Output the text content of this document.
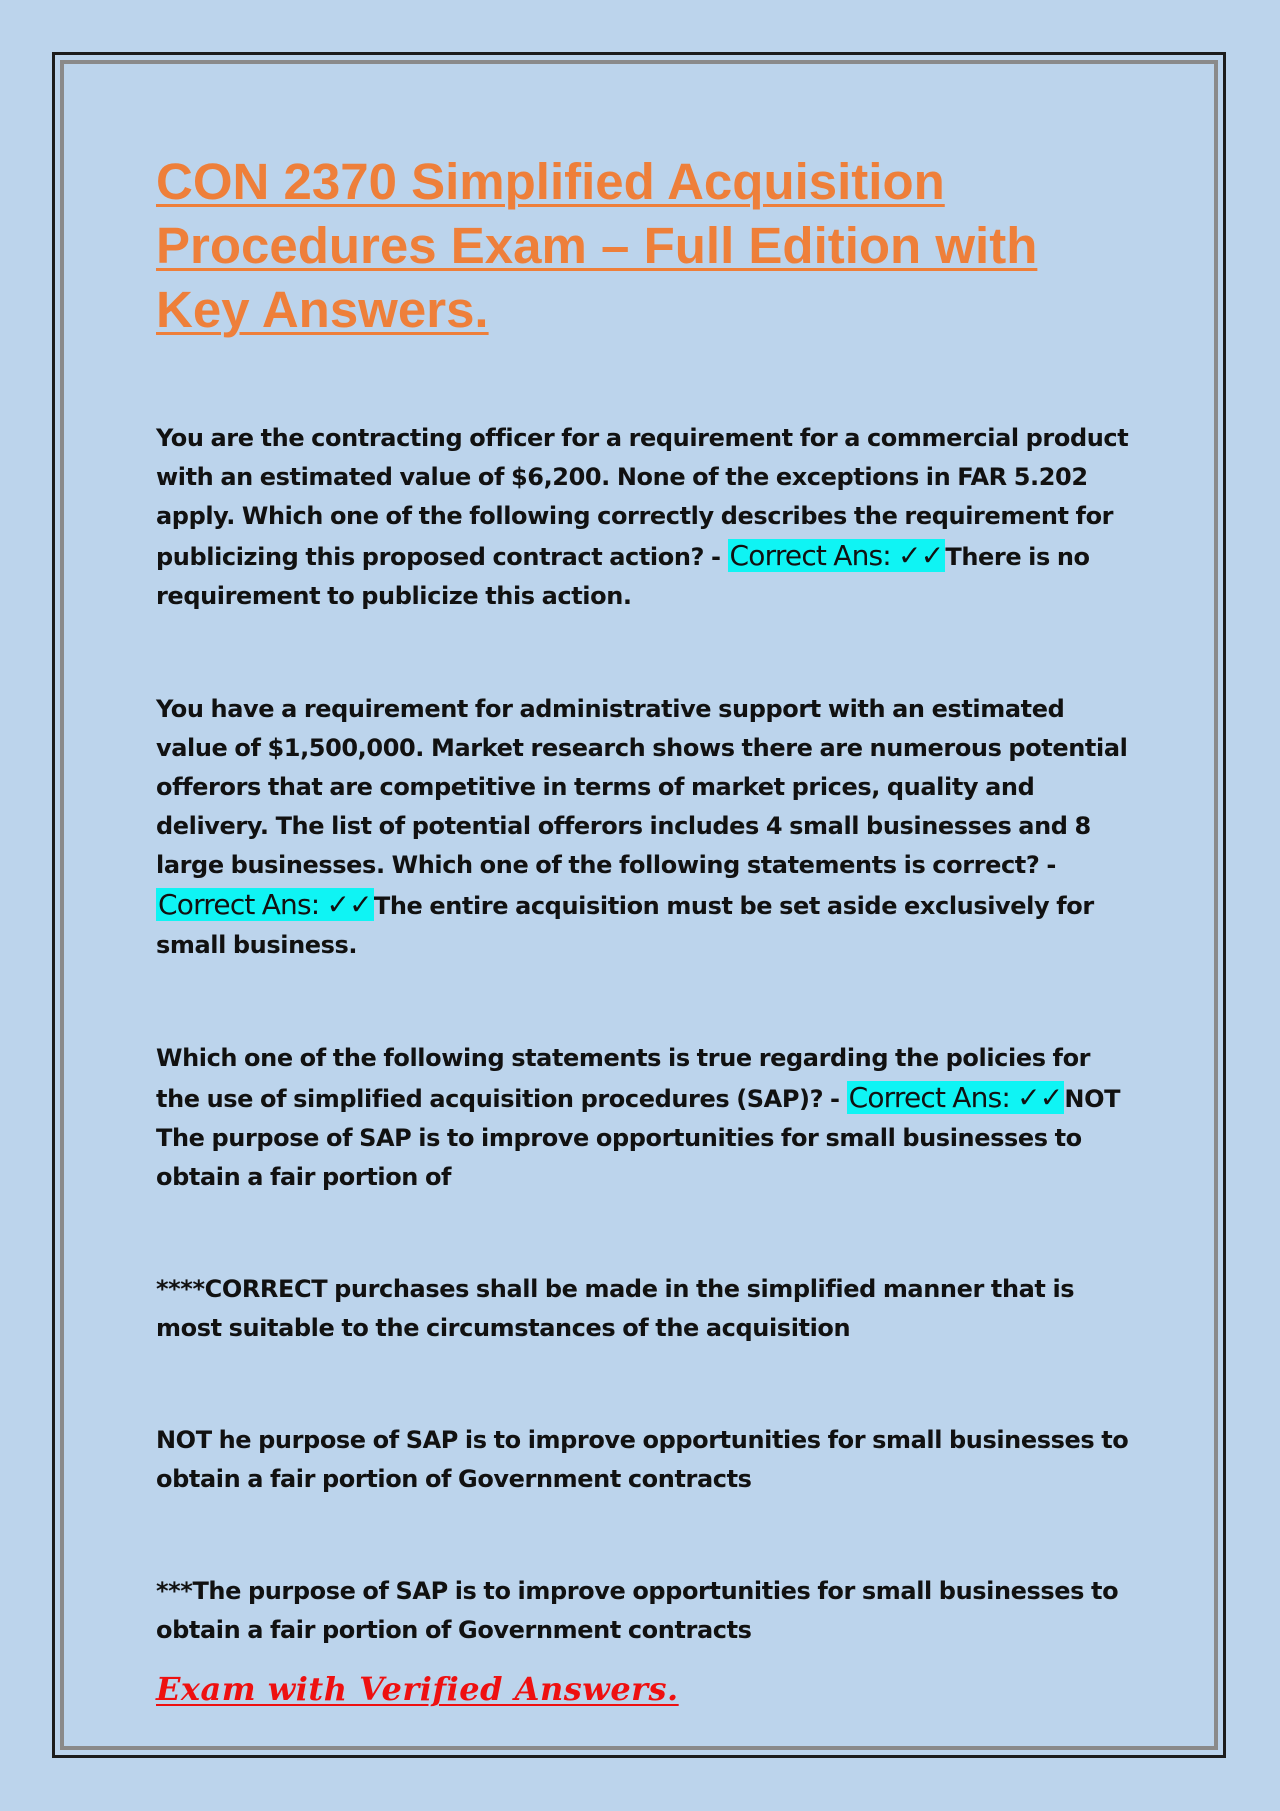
CON 2370 Simplified Acquisition Procedures Exam – Full Edition with Key Answers.

You are the contracting officer for a requirement for a commercial product with an estimated value of $6,200. None of the exceptions in FAR 5.202 apply. Which one of the following correctly describes the requirement for publicizing this proposed contract action? - Correct Ans: ✓✓There is no requirement to publicize this action.

You have a requirement for administrative support with an estimated value of $1,500,000. Market research shows there are numerous potential offerors that are competitive in terms of market prices, quality and delivery. The list of potential offerors includes 4 small businesses and 8 large businesses. Which one of the following statements is correct? - Correct Ans: ✓✓The entire acquisition must be set aside exclusively for small business.

Which one of the following statements is true regarding the policies for the use of simplified acquisition procedures (SAP)? - Correct Ans: ✓✓NOT The purpose of SAP is to improve opportunities for small businesses to obtain a fair portion of

****CORRECT purchases shall be made in the simplified manner that is most suitable to the circumstances of the acquisition

NOT he purpose of SAP is to improve opportunities for small businesses to obtain a fair portion of Government contracts

***The purpose of SAP is to improve opportunities for small businesses to obtain a fair portion of Government contracts

Exam with Verified Answers.
